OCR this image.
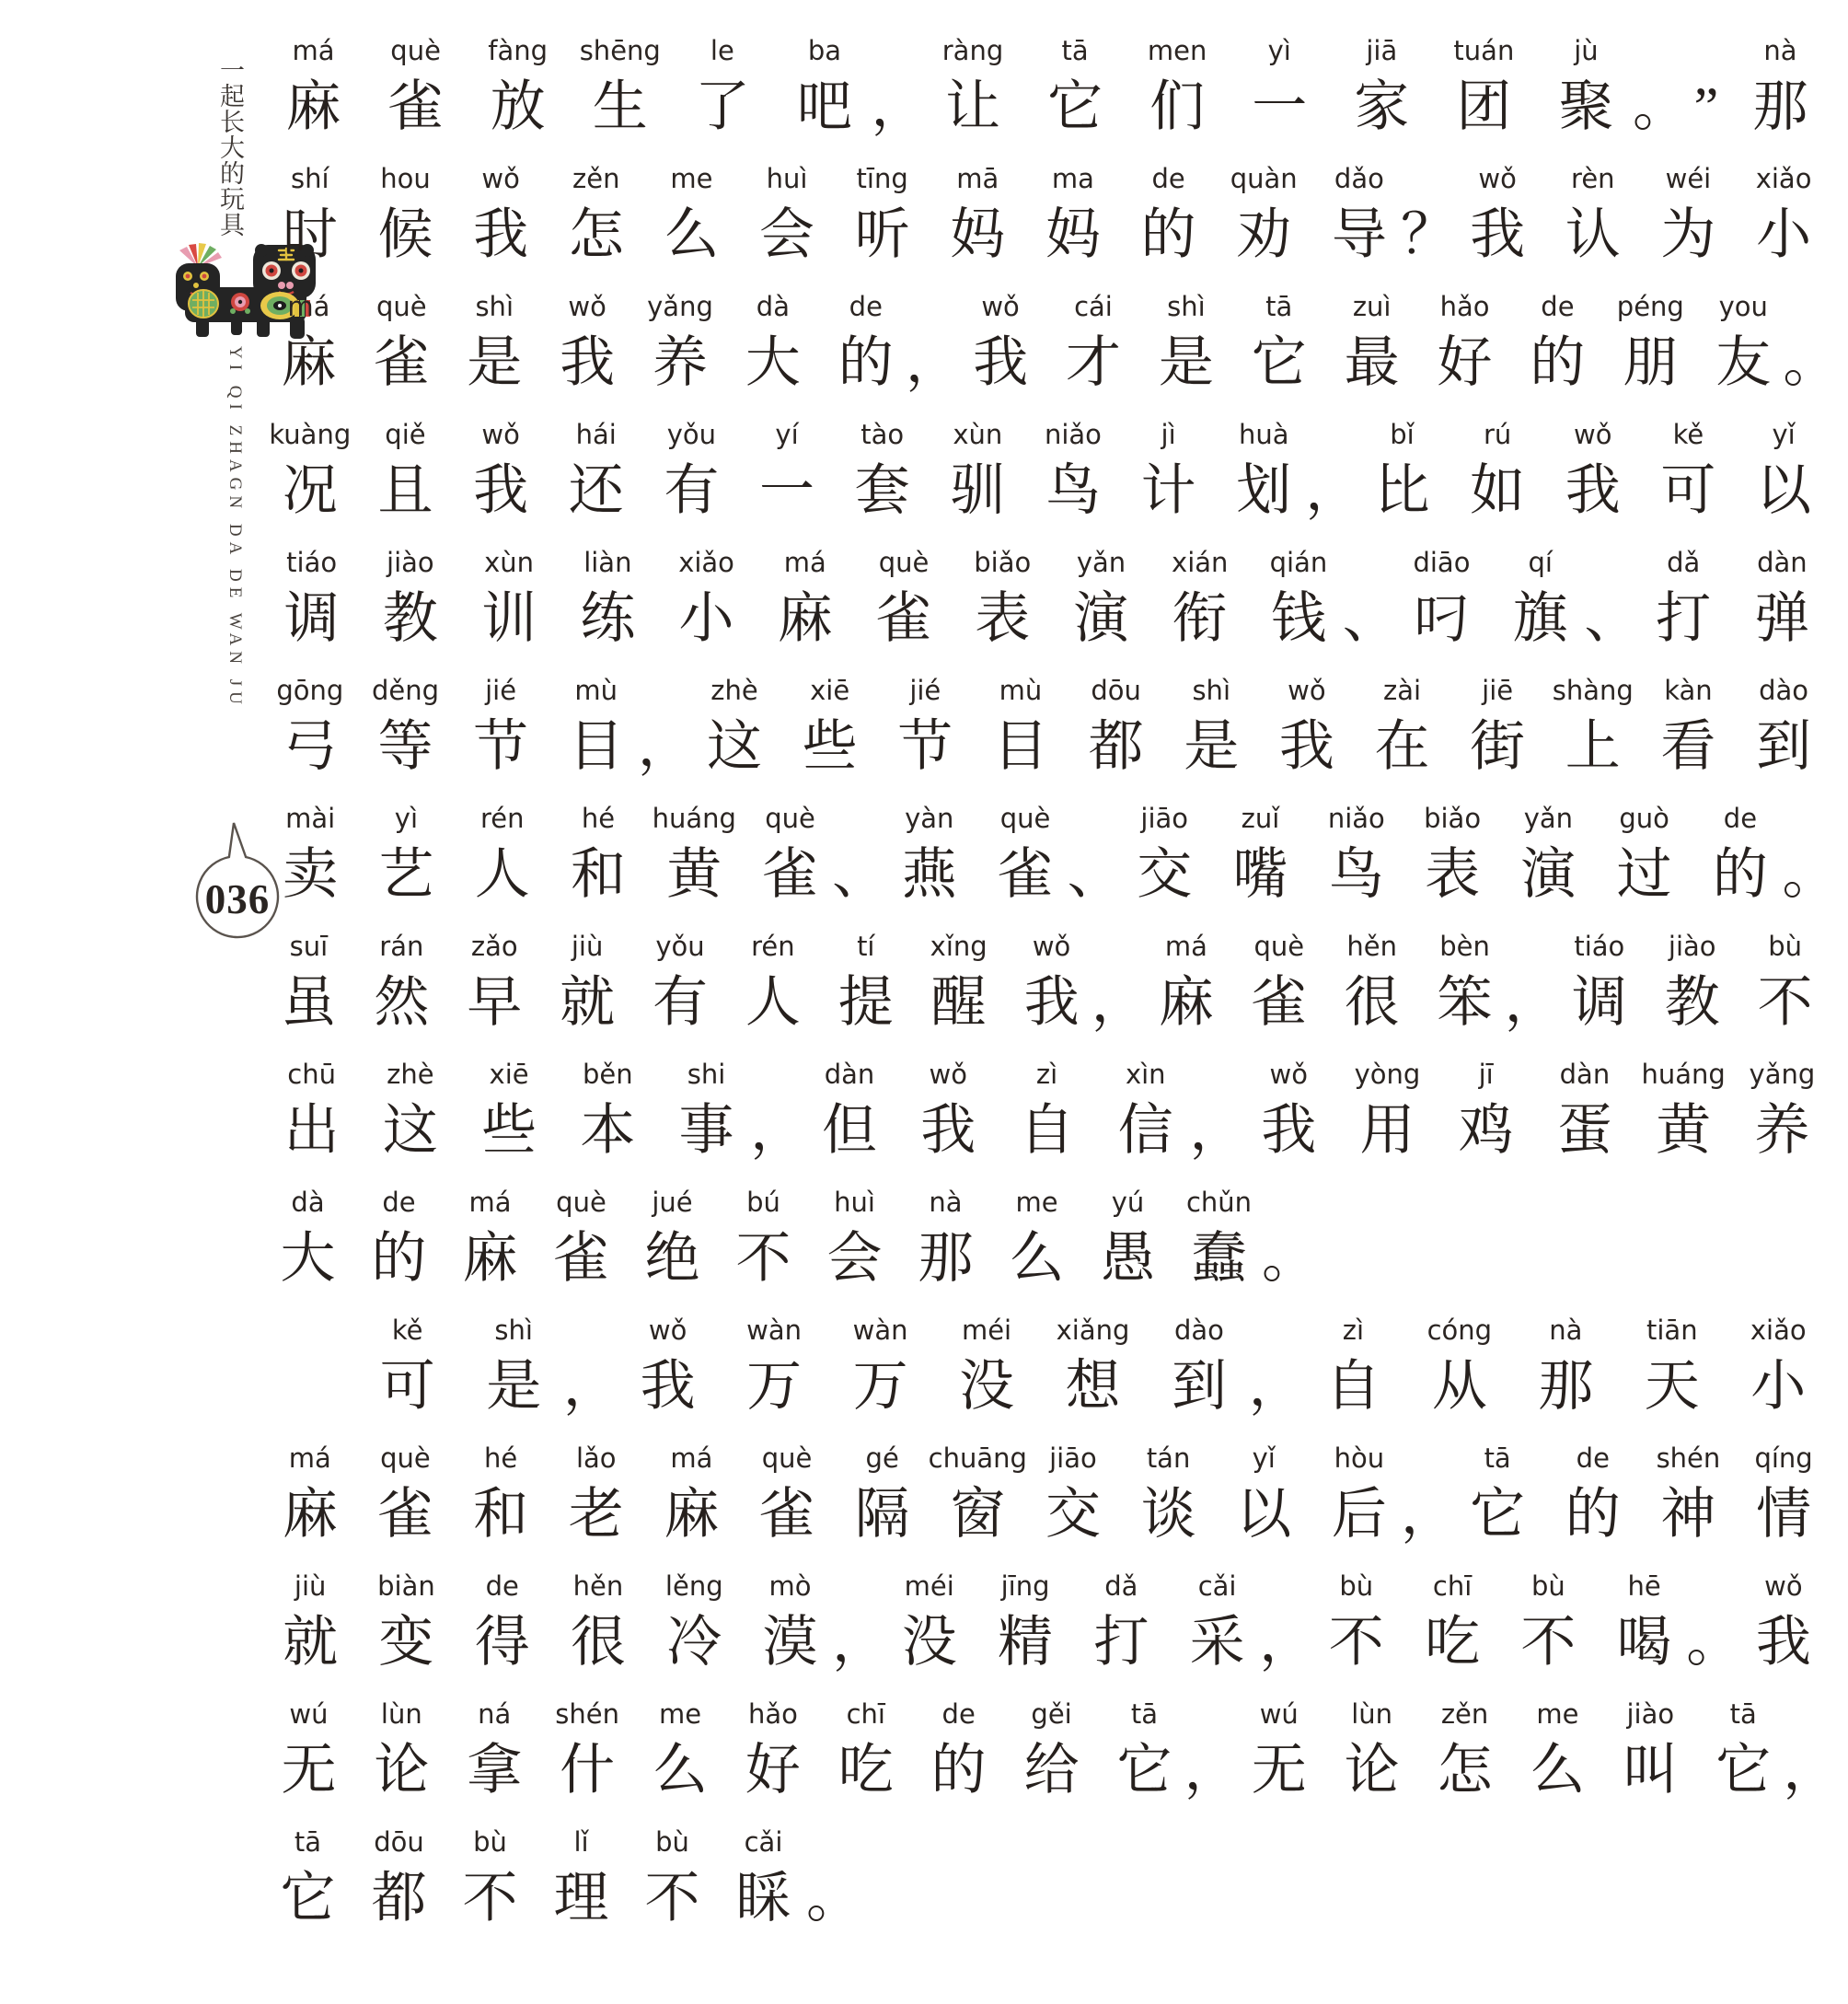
一起长大的玩具
YI QI ZHAGN DA DE WAN JU
036
má
麻
què
雀
fàng
放
shēng
生
le
了
ba
吧 ，
ràng
让
tā
它
men
们
yì
一
jiā
家
tuán
团
jù
聚 。 ”
nà
那
shí
时
hou
候
wǒ
我
zěn
怎
me
么
huì
会
tīng
听
mā
妈
ma
妈
de
的
quàn
劝
dǎo
导 ？
wǒ
我
rèn
认
wéi
为
xiǎo
小
má
麻
què
雀
shì
是
wǒ
我
yǎng
养
dà
大
de
的 ，
wǒ
我
cái
才
shì
是
tā
它
zuì
最
hǎo
好
de
的
péng
朋
you
友 。
kuàng
况
qiě
且
wǒ
我
hái
还
yǒu
有
yí
一
tào
套
xùn
驯
niǎo
鸟
jì
计
huà
划 ，
bǐ
比
rú
如
wǒ
我
kě
可
yǐ
以
tiáo
调
jiào
教
xùn
训
liàn
练
xiǎo
小
má
麻
què
雀
biǎo
表
yǎn
演
xián
衔
qián
钱 、
diāo
叼
qí
旗 、
dǎ
打
dàn
弹
gōng
弓
děng
等
jié
节
mù
目 ，
zhè
这
xiē
些
jié
节
mù
目
dōu
都
shì
是
wǒ
我
zài
在
jiē
街
shàng
上
kàn
看
dào
到
mài
卖
yì
艺
rén
人
hé
和
huáng
黄
què
雀 、
yàn
燕
què
雀 、
jiāo
交
zuǐ
嘴
niǎo
鸟
biǎo
表
yǎn
演
guò
过
de
的 。
suī
虽
rán
然
zǎo
早
jiù
就
yǒu
有
rén
人
tí
提
xǐng
醒
wǒ
我 ，
má
麻
què
雀
hěn
很
bèn
笨 ，
tiáo
调
jiào
教
bù
不
chū
出
zhè
这
xiē
些
běn
本
shi
事 ，
dàn
但
wǒ
我
zì
自
xìn
信 ，
wǒ
我
yòng
用
jī
鸡
dàn
蛋
huáng
黄
yǎng
养
dà
大
de
的
má
麻
què
雀
jué
绝
bú
不
huì
会
nà
那
me
么
yú
愚
chǔn
蠢 。
kě
可
shì
是 ，
wǒ
我
wàn
万
wàn
万
méi
没
xiǎng
想
dào
到 ，
zì
自
cóng
从
nà
那
tiān
天
xiǎo
小
má
麻
què
雀
hé
和
lǎo
老
má
麻
què
雀
gé
隔
chuāng
窗
jiāo
交
tán
谈
yǐ
以
hòu
后 ，
tā
它
de
的
shén
神
qíng
情
jiù
就
biàn
变
de
得
hěn
很
lěng
冷
mò
漠 ，
méi
没
jīng
精
dǎ
打
cǎi
采 ，
bù
不
chī
吃
bù
不
hē
喝 。
wǒ
我
wú
无
lùn
论
ná
拿
shén
什
me
么
hǎo
好
chī
吃
de
的
gěi
给
tā
它 ，
wú
无
lùn
论
zěn
怎
me
么
jiào
叫
tā
它 ，
tā
它
dōu
都
bù
不
lǐ
理
bù
不
cǎi
睬 。
